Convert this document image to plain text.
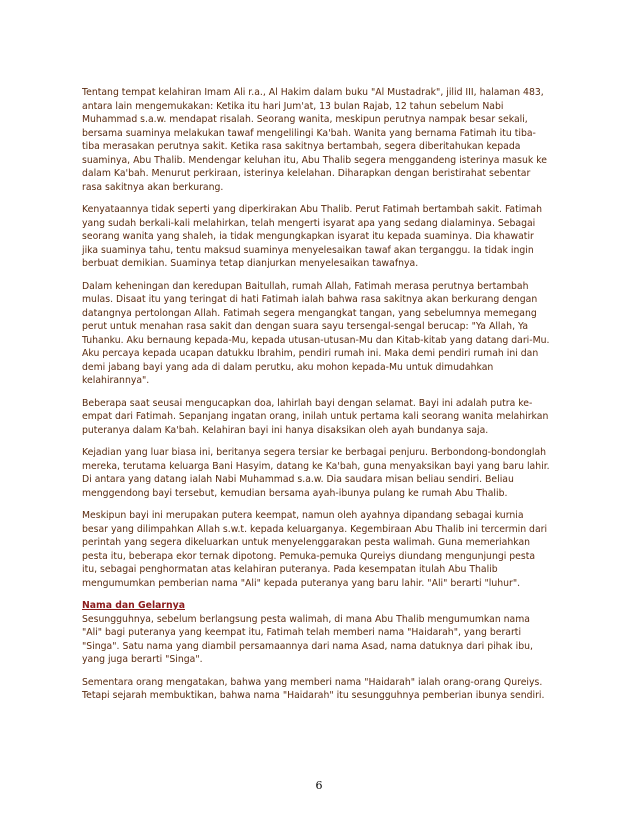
Tentang tempat kelahiran Imam Ali r.a., Al Hakim dalam buku "Al Mustadrak", jilid III, halaman 483, antara lain mengemukakan: Ketika itu hari Jum'at, 13 bulan Rajab, 12 tahun sebelum Nabi Muhammad s.a.w. mendapat risalah. Seorang wanita, meskipun perutnya nampak besar sekali, bersama suaminya melakukan tawaf mengelilingi Ka'bah. Wanita yang bernama Fatimah itu tiba-tiba merasakan perutnya sakit. Ketika rasa sakitnya bertambah, segera diberitahukan kepada suaminya, Abu Thalib. Mendengar keluhan itu, Abu Thalib segera menggandeng isterinya masuk ke dalam Ka'bah. Menurut perkiraan, isterinya kelelahan. Diharapkan dengan beristirahat sebentar rasa sakitnya akan berkurang.

Kenyataannya tidak seperti yang diperkirakan Abu Thalib. Perut Fatimah bertambah sakit. Fatimah yang sudah berkali-kali melahirkan, telah mengerti isyarat apa yang sedang dialaminya. Sebagai seorang wanita yang shaleh, ia tidak mengungkapkan isyarat itu kepada suaminya. Dia khawatir jika suaminya tahu, tentu maksud suaminya menyelesaikan tawaf akan terganggu. Ia tidak ingin berbuat demikian. Suaminya tetap dianjurkan menyelesaikan tawafnya.

Dalam keheningan dan keredupan Baitullah, rumah Allah, Fatimah merasa perutnya bertambah mulas. Disaat itu yang teringat di hati Fatimah ialah bahwa rasa sakitnya akan berkurang dengan datangnya pertolongan Allah. Fatimah segera mengangkat tangan, yang sebelumnya memegang perut untuk menahan rasa sakit dan dengan suara sayu tersengal-sengal berucap: "Ya Allah, Ya Tuhanku. Aku bernaung kepada-Mu, kepada utusan-utusan-Mu dan Kitab-kitab yang datang dari-Mu. Aku percaya kepada ucapan datukku Ibrahim, pendiri rumah ini. Maka demi pendiri rumah ini dan demi jabang bayi yang ada di dalam perutku, aku mohon kepada-Mu untuk dimudahkan kelahirannya".

Beberapa saat seusai mengucapkan doa, lahirlah bayi dengan selamat. Bayi ini adalah putra ke-empat dari Fatimah. Sepanjang ingatan orang, inilah untuk pertama kali seorang wanita melahirkan puteranya dalam Ka'bah. Kelahiran bayi ini hanya disaksikan oleh ayah bundanya saja.

Kejadian yang luar biasa ini, beritanya segera tersiar ke berbagai penjuru. Berbondong-bondonglah mereka, terutama keluarga Bani Hasyim, datang ke Ka'bah, guna menyaksikan bayi yang baru lahir. Di antara yang datang ialah Nabi Muhammad s.a.w. Dia saudara misan beliau sendiri. Beliau menggendong bayi tersebut, kemudian bersama ayah-ibunya pulang ke rumah Abu Thalib.

Meskipun bayi ini merupakan putera keempat, namun oleh ayahnya dipandang sebagai kurnia besar yang dilimpahkan Allah s.w.t. kepada keluarganya. Kegembiraan Abu Thalib ini tercermin dari perintah yang segera dikeluarkan untuk menyelenggarakan pesta walimah. Guna memeriahkan pesta itu, beberapa ekor ternak dipotong. Pemuka-pemuka Qureiys diundang mengunjungi pesta itu, sebagai penghormatan atas kelahiran puteranya. Pada kesempatan itulah Abu Thalib mengumumkan pemberian nama "Ali" kepada puteranya yang baru lahir. "Ali" berarti "luhur".

Nama dan Gelarnya

Sesungguhnya, sebelum berlangsung pesta walimah, di mana Abu Thalib mengumumkan nama "Ali" bagi puteranya yang keempat itu, Fatimah telah memberi nama "Haidarah", yang berarti "Singa". Satu nama yang diambil persamaannya dari nama Asad, nama datuknya dari pihak ibu, yang juga berarti "Singa".

Sementara orang mengatakan, bahwa yang memberi nama "Haidarah" ialah orang-orang Qureiys. Tetapi sejarah membuktikan, bahwa nama "Haidarah" itu sesungguhnya pemberian ibunya sendiri.

6
